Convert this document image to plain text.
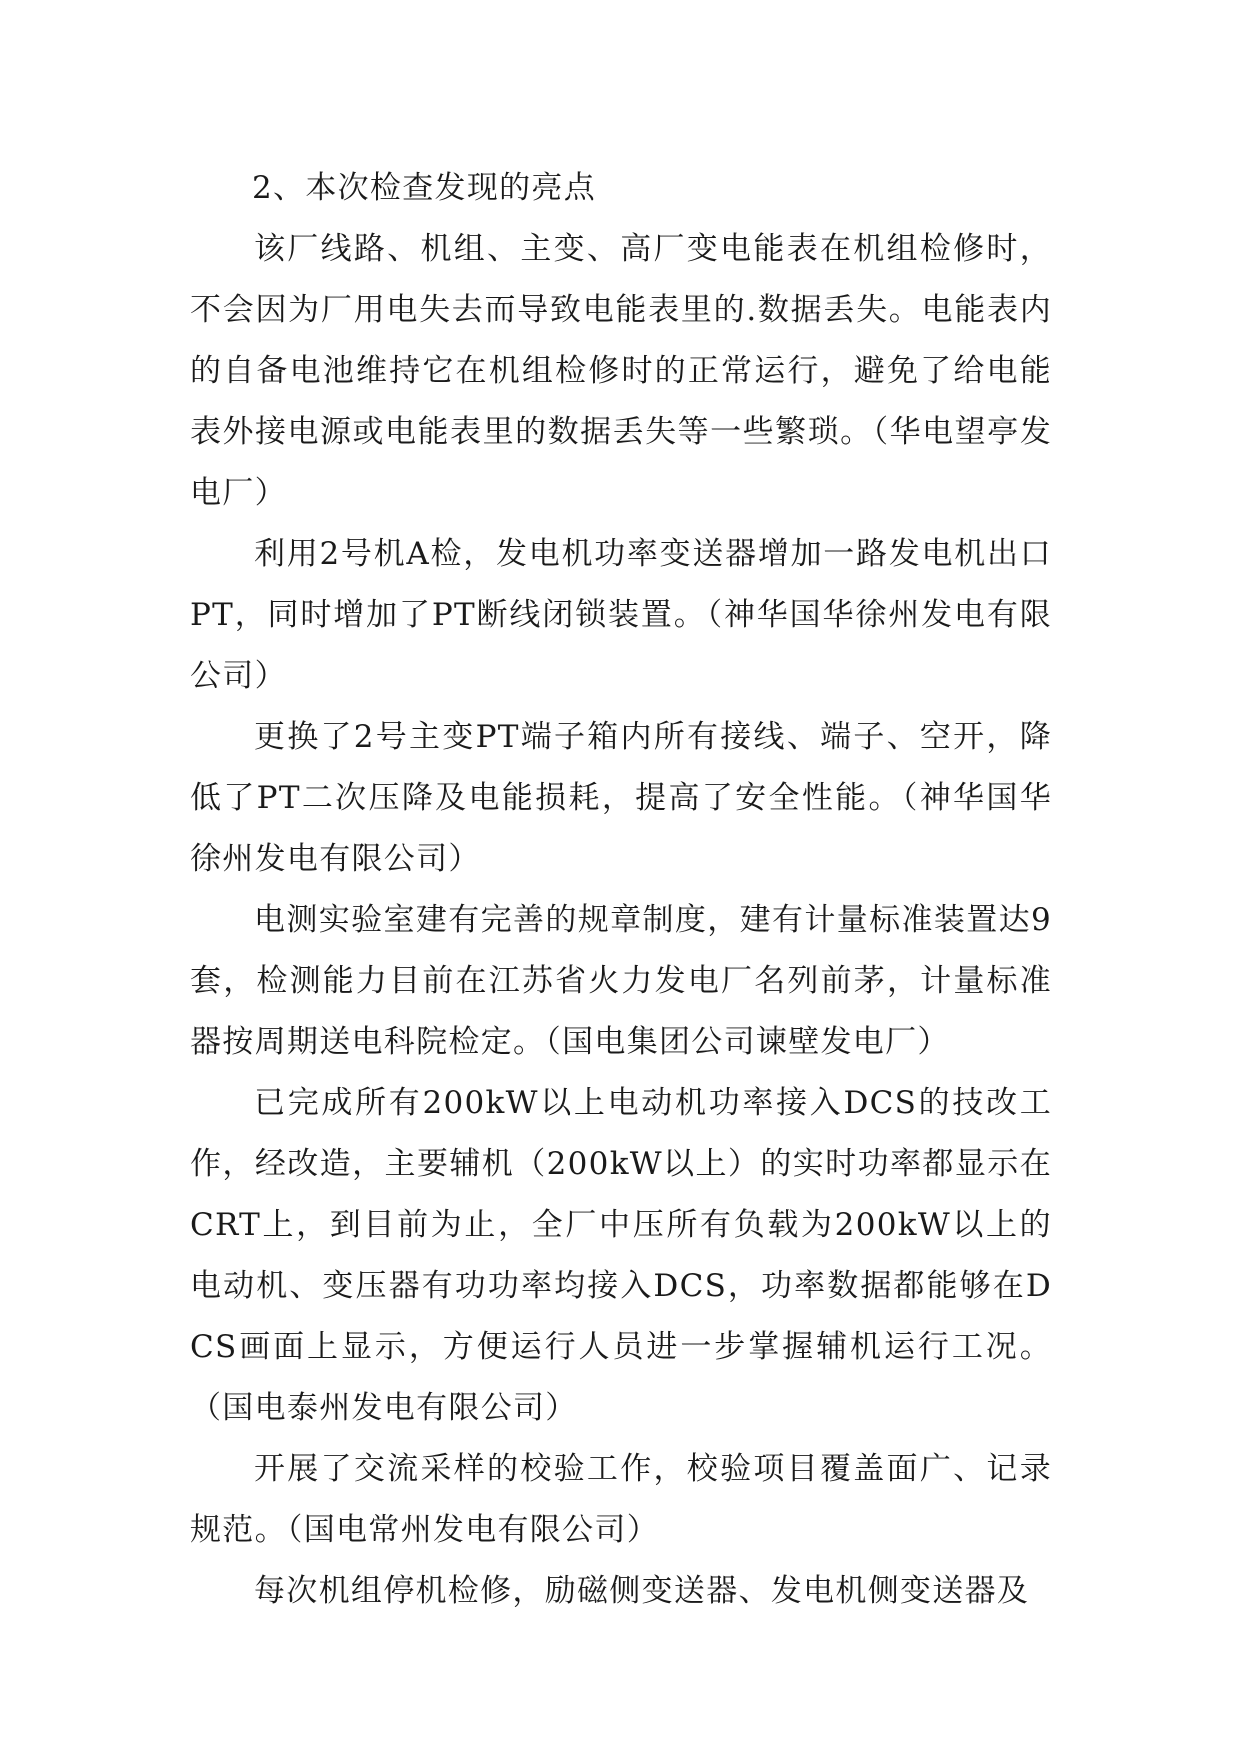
2、本次检查发现的亮点

该厂线路、机组、主变、高厂变电能表在机组检修时，不会因为厂用电失去而导致电能表里的.数据丢失。电能表内的自备电池维持它在机组检修时的正常运行，避免了给电能表外接电源或电能表里的数据丢失等一些繁琐。（华电望亭发电厂）

利用2号机A检，发电机功率变送器增加一路发电机出口PT，同时增加了PT断线闭锁装置。（神华国华徐州发电有限公司）

更换了2号主变PT端子箱内所有接线、端子、空开，降低了PT二次压降及电能损耗，提高了安全性能。（神华国华徐州发电有限公司）

电测实验室建有完善的规章制度，建有计量标准装置达9套，检测能力目前在江苏省火力发电厂名列前茅，计量标准器按周期送电科院检定。（国电集团公司谏壁发电厂）

已完成所有200kW以上电动机功率接入DCS的技改工作，经改造，主要辅机（200kW以上）的实时功率都显示在CRT上，到目前为止，全厂中压所有负载为200kW以上的电动机、变压器有功功率均接入DCS，功率数据都能够在DCS画面上显示，方便运行人员进一步掌握辅机运行工况。（国电泰州发电有限公司）

开展了交流采样的校验工作，校验项目覆盖面广、记录规范。（国电常州发电有限公司）

每次机组停机检修，励磁侧变送器、发电机侧变送器及
